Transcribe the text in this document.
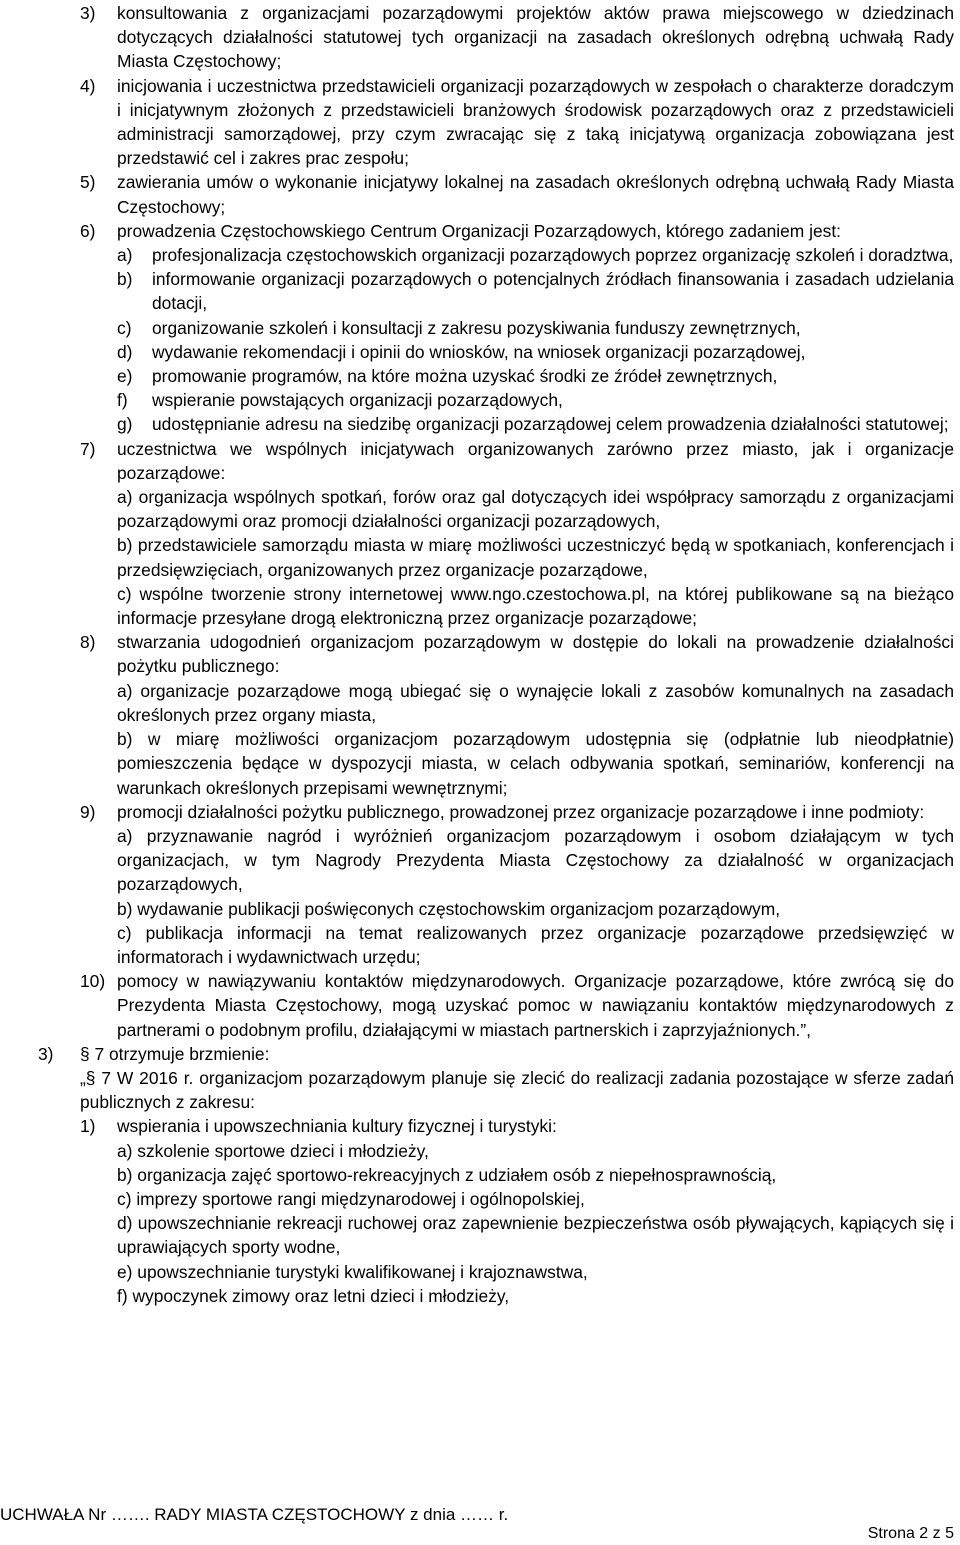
3) konsultowania z organizacjami pozarządowymi projektów aktów prawa miejscowego w dziedzinach dotyczących działalności statutowej tych organizacji na zasadach określonych odrębną uchwałą Rady Miasta Częstochowy;
4) inicjowania i uczestnictwa przedstawicieli organizacji pozarządowych w zespołach o charakterze doradczym i inicjatywnym złożonych z przedstawicieli branżowych środowisk pozarządowych oraz z przedstawicieli administracji samorządowej, przy czym zwracając się z taką inicjatywą organizacja zobowiązana jest przedstawić cel i zakres prac zespołu;
5) zawierania umów o wykonanie inicjatywy lokalnej na zasadach określonych odrębną uchwałą Rady Miasta Częstochowy;
6) prowadzenia Częstochowskiego Centrum Organizacji Pozarządowych, którego zadaniem jest:
a) profesjonalizacja częstochowskich organizacji pozarządowych poprzez organizację szkoleń i doradztwa,
b) informowanie organizacji pozarządowych o potencjalnych źródłach finansowania i zasadach udzielania dotacji,
c) organizowanie szkoleń i konsultacji z zakresu pozyskiwania funduszy zewnętrznych,
d) wydawanie rekomendacji i opinii do wniosków, na wniosek organizacji pozarządowej,
e) promowanie programów, na które można uzyskać środki ze źródeł zewnętrznych,
f) wspieranie powstających organizacji pozarządowych,
g) udostępnianie adresu na siedzibę organizacji pozarządowej celem prowadzenia działalności statutowej;
7) uczestnictwa we wspólnych inicjatywach organizowanych zarówno przez miasto, jak i organizacje pozarządowe:
a) organizacja wspólnych spotkań, forów oraz gal dotyczących idei współpracy samorządu z organizacjami pozarządowymi oraz promocji działalności organizacji pozarządowych,
b) przedstawiciele samorządu miasta w miarę możliwości uczestniczyć będą w spotkaniach, konferencjach i przedsięwzięciach, organizowanych przez organizacje pozarządowe,
c) wspólne tworzenie strony internetowej www.ngo.czestochowa.pl, na której publikowane są na bieżąco informacje przesyłane drogą elektroniczną przez organizacje pozarządowe;
8) stwarzania udogodnień organizacjom pozarządowym w dostępie do lokali na prowadzenie działalności pożytku publicznego:
a) organizacje pozarządowe mogą ubiegać się o wynajęcie lokali z zasobów komunalnych na zasadach określonych przez organy miasta,
b) w miarę możliwości organizacjom pozarządowym udostępnia się (odpłatnie lub nieodpłatnie) pomieszczenia będące w dyspozycji miasta, w celach odbywania spotkań, seminariów, konferencji na warunkach określonych przepisami wewnętrznymi;
9) promocji działalności pożytku publicznego, prowadzonej przez organizacje pozarządowe i inne podmioty:
a) przyznawanie nagród i wyróżnień organizacjom pozarządowym i osobom działającym w tych organizacjach, w tym Nagrody Prezydenta Miasta Częstochowy za działalność w organizacjach pozarządowych,
b) wydawanie publikacji poświęconych częstochowskim organizacjom pozarządowym,
c) publikacja informacji na temat realizowanych przez organizacje pozarządowe przedsięwzięć w informatorach i wydawnictwach urzędu;
10) pomocy w nawiązywaniu kontaktów międzynarodowych. Organizacje pozarządowe, które zwrócą się do Prezydenta Miasta Częstochowy, mogą uzyskać pomoc w nawiązaniu kontaktów międzynarodowych z partnerami o podobnym profilu, działającymi w miastach partnerskich i zaprzyjaźnionych.”,
3) § 7 otrzymuje brzmienie:
„§ 7 W 2016 r. organizacjom pozarządowym planuje się zlecić do realizacji zadania pozostające w sferze zadań publicznych z zakresu:
1) wspierania i upowszechniania kultury fizycznej i turystyki:
a) szkolenie sportowe dzieci i młodzieży,
b) organizacja zajęć sportowo-rekreacyjnych z udziałem osób z niepełnosprawnością,
c) imprezy sportowe rangi międzynarodowej i ogólnopolskiej,
d) upowszechnianie rekreacji ruchowej oraz zapewnienie bezpieczeństwa osób pływających, kąpiących się i uprawiających sporty wodne,
e) upowszechnianie turystyki kwalifikowanej i krajoznawstwa,
f) wypoczynek zimowy oraz letni dzieci i młodzieży,
UCHWAŁA Nr ……. RADY MIASTA CZĘSTOCHOWY z dnia …… r.
Strona 2 z 5
